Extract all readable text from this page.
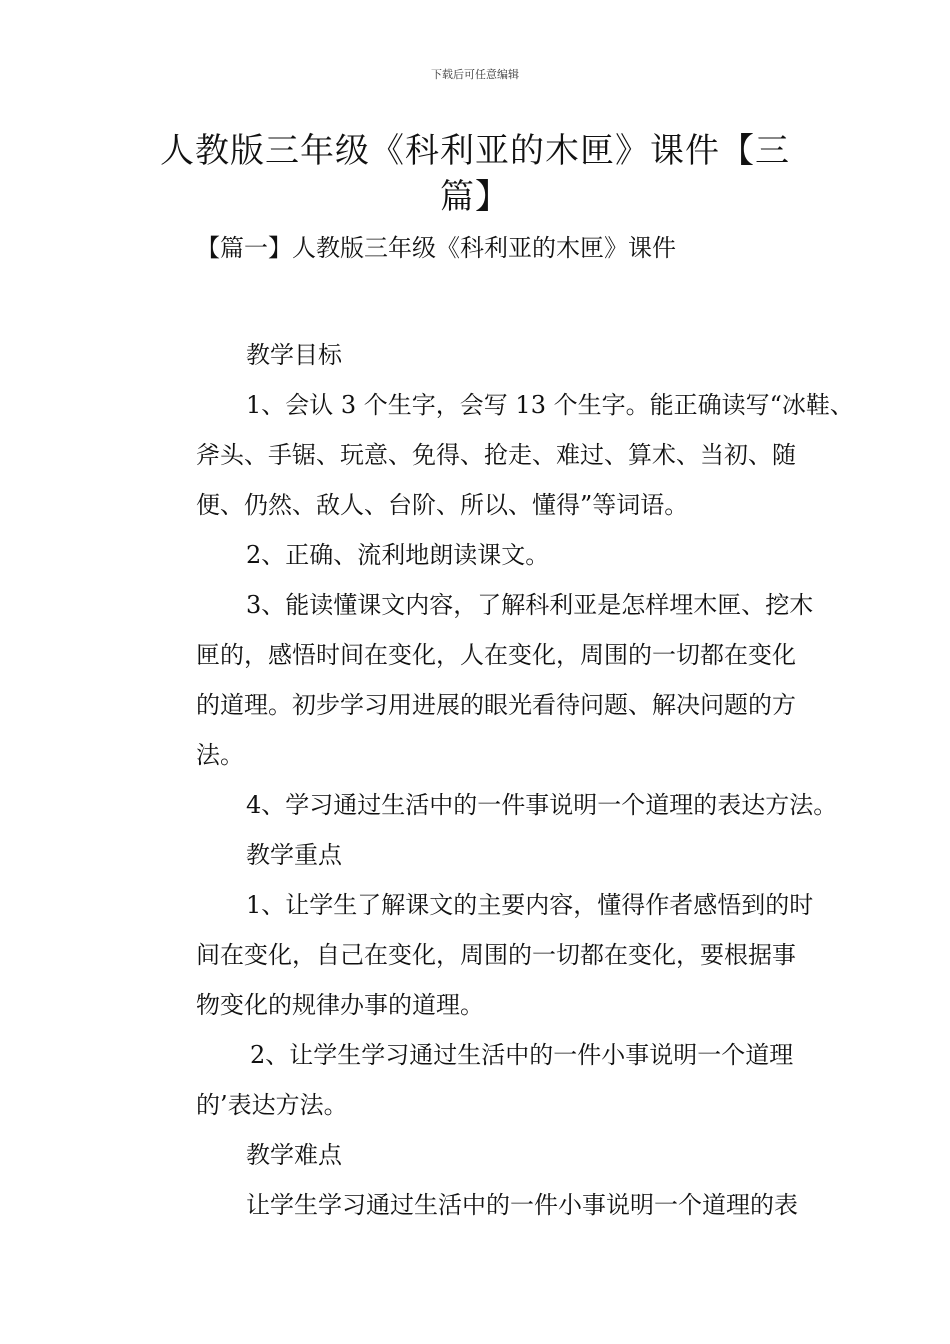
下载后可任意编辑
人教版三年级《科利亚的木匣》课件【三
篇】
【篇一】人教版三年级《科利亚的木匣》课件
教学目标
1、会认 3 个生字，会写 13 个生字。能正确读写“冰鞋、
斧头、手锯、玩意、免得、抢走、难过、算术、当初、随
便、仍然、敌人、台阶、所以、懂得”等词语。
2、正确、流利地朗读课文。
3、能读懂课文内容，了解科利亚是怎样埋木匣、挖木
匣的，感悟时间在变化，人在变化，周围的一切都在变化
的道理。初步学习用进展的眼光看待问题、解决问题的方
法。
4、学习通过生活中的一件事说明一个道理的表达方法。
教学重点
1、让学生了解课文的主要内容，懂得作者感悟到的时
间在变化，自己在变化，周围的一切都在变化，要根据事
物变化的规律办事的道理。
2、让学生学习通过生活中的一件小事说明一个道理
的’表达方法。
教学难点
让学生学习通过生活中的一件小事说明一个道理的表
